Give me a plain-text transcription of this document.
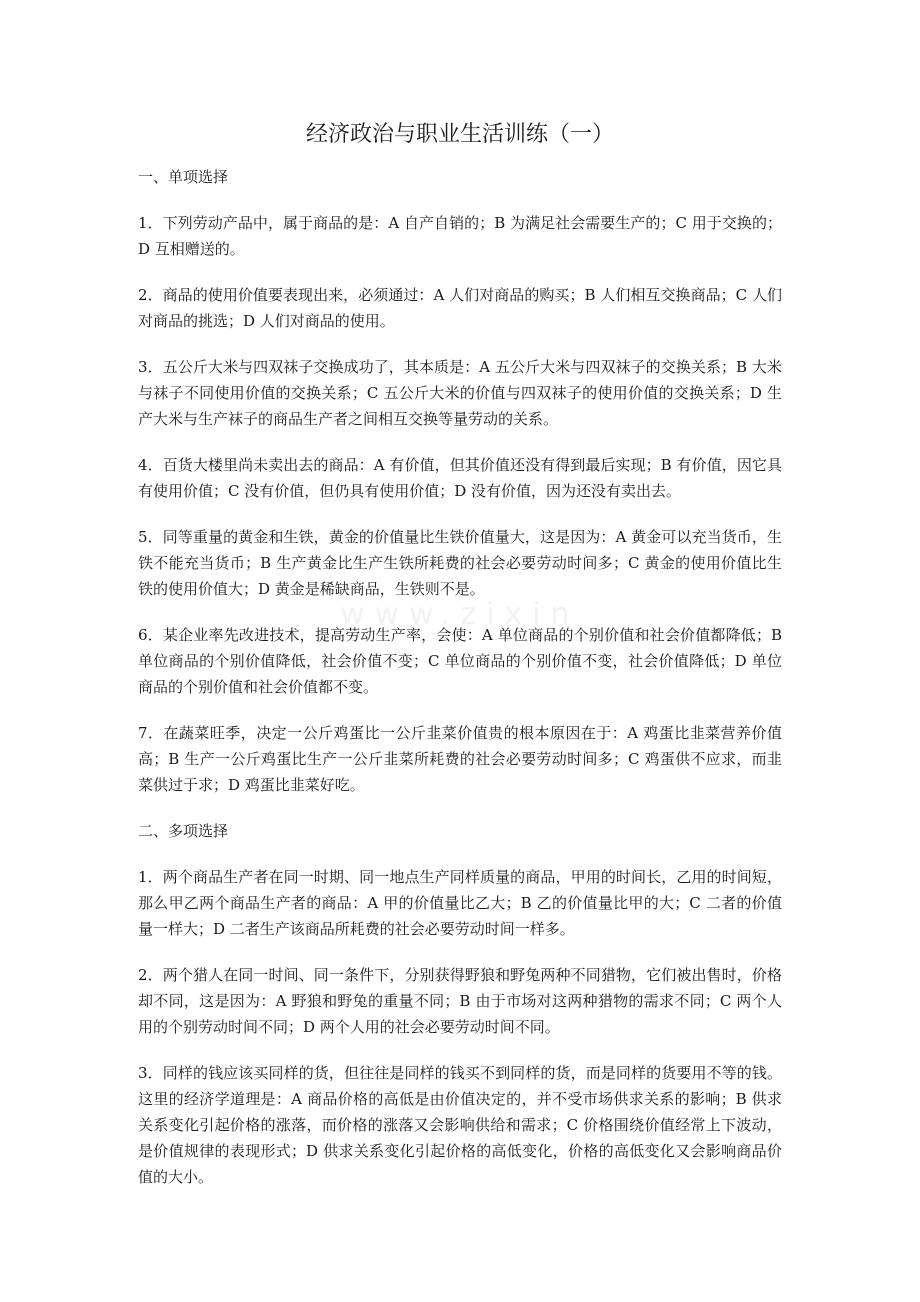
www.zixin
经济政治与职业生活训练（一）

一、单项选择

1．下列劳动产品中，属于商品的是：A 自产自销的；B 为满足社会需要生产的；C 用于交换的；D 互相赠送的。

2．商品的使用价值要表现出来，必须通过：A 人们对商品的购买；B 人们相互交换商品；C 人们对商品的挑选；D 人们对商品的使用。

3．五公斤大米与四双袜子交换成功了，其本质是：A 五公斤大米与四双袜子的交换关系；B 大米与袜子不同使用价值的交换关系；C 五公斤大米的价值与四双袜子的使用价值的交换关系；D 生产大米与生产袜子的商品生产者之间相互交换等量劳动的关系。

4．百货大楼里尚未卖出去的商品：A 有价值，但其价值还没有得到最后实现；B 有价值，因它具有使用价值；C 没有价值，但仍具有使用价值；D 没有价值，因为还没有卖出去。

5．同等重量的黄金和生铁，黄金的价值量比生铁价值量大，这是因为：A 黄金可以充当货币，生铁不能充当货币；B 生产黄金比生产生铁所耗费的社会必要劳动时间多；C 黄金的使用价值比生铁的使用价值大；D 黄金是稀缺商品，生铁则不是。

6．某企业率先改进技术，提高劳动生产率，会使：A 单位商品的个别价值和社会价值都降低；B 单位商品的个别价值降低，社会价值不变；C 单位商品的个别价值不变，社会价值降低；D 单位商品的个别价值和社会价值都不变。

7．在蔬菜旺季，决定一公斤鸡蛋比一公斤韭菜价值贵的根本原因在于：A 鸡蛋比韭菜营养价值高；B 生产一公斤鸡蛋比生产一公斤韭菜所耗费的社会必要劳动时间多；C 鸡蛋供不应求，而韭菜供过于求；D 鸡蛋比韭菜好吃。

二、多项选择

1．两个商品生产者在同一时期、同一地点生产同样质量的商品，甲用的时间长，乙用的时间短，那么甲乙两个商品生产者的商品：A 甲的价值量比乙大；B 乙的价值量比甲的大；C 二者的价值量一样大；D 二者生产该商品所耗费的社会必要劳动时间一样多。

2．两个猎人在同一时间、同一条件下，分别获得野狼和野兔两种不同猎物，它们被出售时，价格却不同，这是因为：A 野狼和野兔的重量不同；B 由于市场对这两种猎物的需求不同；C 两个人用的个别劳动时间不同；D 两个人用的社会必要劳动时间不同。

3．同样的钱应该买同样的货，但往往是同样的钱买不到同样的货，而是同样的货要用不等的钱。这里的经济学道理是：A 商品价格的高低是由价值决定的，并不受市场供求关系的影响；B 供求关系变化引起价格的涨落，而价格的涨落又会影响供给和需求；C 价格围绕价值经常上下波动，是价值规律的表现形式；D 供求关系变化引起价格的高低变化，价格的高低变化又会影响商品价值的大小。
